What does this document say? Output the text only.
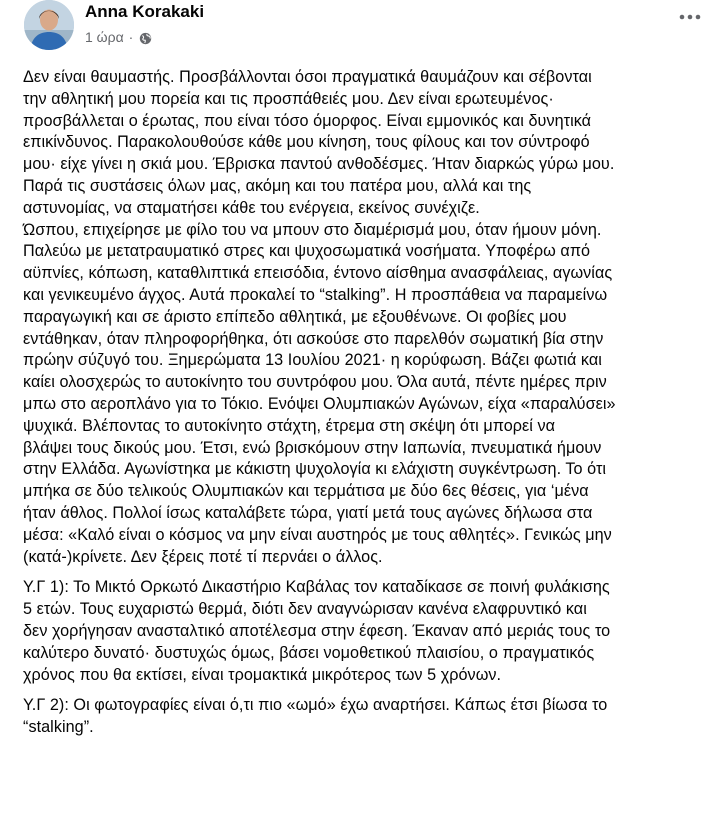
Anna Korakaki
1 ώρα ·
Δεν είναι θαυμαστής. Προσβάλλονται όσοι πραγματικά θαυμάζουν και σέβονται
την αθλητική μου πορεία και τις προσπάθειές μου. Δεν είναι ερωτευμένος·
προσβάλλεται ο έρωτας, που είναι τόσο όμορφος. Είναι εμμονικός και δυνητικά
επικίνδυνος. Παρακολουθούσε κάθε μου κίνηση, τους φίλους και τον σύντροφό
μου· είχε γίνει η σκιά μου. Έβρισκα παντού ανθοδέσμες. Ήταν διαρκώς γύρω μου.
Παρά τις συστάσεις όλων μας, ακόμη και του πατέρα μου, αλλά και της
αστυνομίας, να σταματήσει κάθε του ενέργεια, εκείνος συνέχιζε.
Ώσπου, επιχείρησε με φίλο του να μπουν στο διαμέρισμά μου, όταν ήμουν μόνη.
Παλεύω με μετατραυματικό στρες και ψυχοσωματικά νοσήματα. Υποφέρω από
αϋπνίες, κόπωση, καταθλιπτικά επεισόδια, έντονο αίσθημα ανασφάλειας, αγωνίας
και γενικευμένο άγχος. Αυτά προκαλεί το “stalking”. Η προσπάθεια να παραμείνω
παραγωγική και σε άριστο επίπεδο αθλητικά, με εξουθένωνε. Οι φοβίες μου
εντάθηκαν, όταν πληροφορήθηκα, ότι ασκούσε στο παρελθόν σωματική βία στην
πρώην σύζυγό του. Ξημερώματα 13 Ιουλίου 2021· η κορύφωση. Βάζει φωτιά και
καίει ολοσχερώς το αυτοκίνητο του συντρόφου μου. Όλα αυτά, πέντε ημέρες πριν
μπω στο αεροπλάνο για το Τόκιο. Ενόψει Ολυμπιακών Αγώνων, είχα «παραλύσει»
ψυχικά. Βλέποντας το αυτοκίνητο στάχτη, έτρεμα στη σκέψη ότι μπορεί να
βλάψει τους δικούς μου. Έτσι, ενώ βρισκόμουν στην Ιαπωνία, πνευματικά ήμουν
στην Ελλάδα. Αγωνίστηκα με κάκιστη ψυχολογία κι ελάχιστη συγκέντρωση. Το ότι
μπήκα σε δύο τελικούς Ολυμπιακών και τερμάτισα με δύο 6ες θέσεις, για ‘μένα
ήταν άθλος. Πολλοί ίσως καταλάβετε τώρα, γιατί μετά τους αγώνες δήλωσα στα
μέσα: «Καλό είναι ο κόσμος να μην είναι αυστηρός με τους αθλητές». Γενικώς μην
(κατά-)κρίνετε. Δεν ξέρεις ποτέ τί περνάει ο άλλος.
Υ.Γ 1): Το Μικτό Ορκωτό Δικαστήριο Καβάλας τον καταδίκασε σε ποινή φυλάκισης
5 ετών. Τους ευχαριστώ θερμά, διότι δεν αναγνώρισαν κανένα ελαφρυντικό και
δεν χορήγησαν ανασταλτικό αποτέλεσμα στην έφεση. Έκαναν από μεριάς τους το
καλύτερο δυνατό· δυστυχώς όμως, βάσει νομοθετικού πλαισίου, ο πραγματικός
χρόνος που θα εκτίσει, είναι τρομακτικά μικρότερος των 5 χρόνων.
Υ.Γ 2): Οι φωτογραφίες είναι ό,τι πιο «ωμό» έχω αναρτήσει. Κάπως έτσι βίωσα το
“stalking”.
